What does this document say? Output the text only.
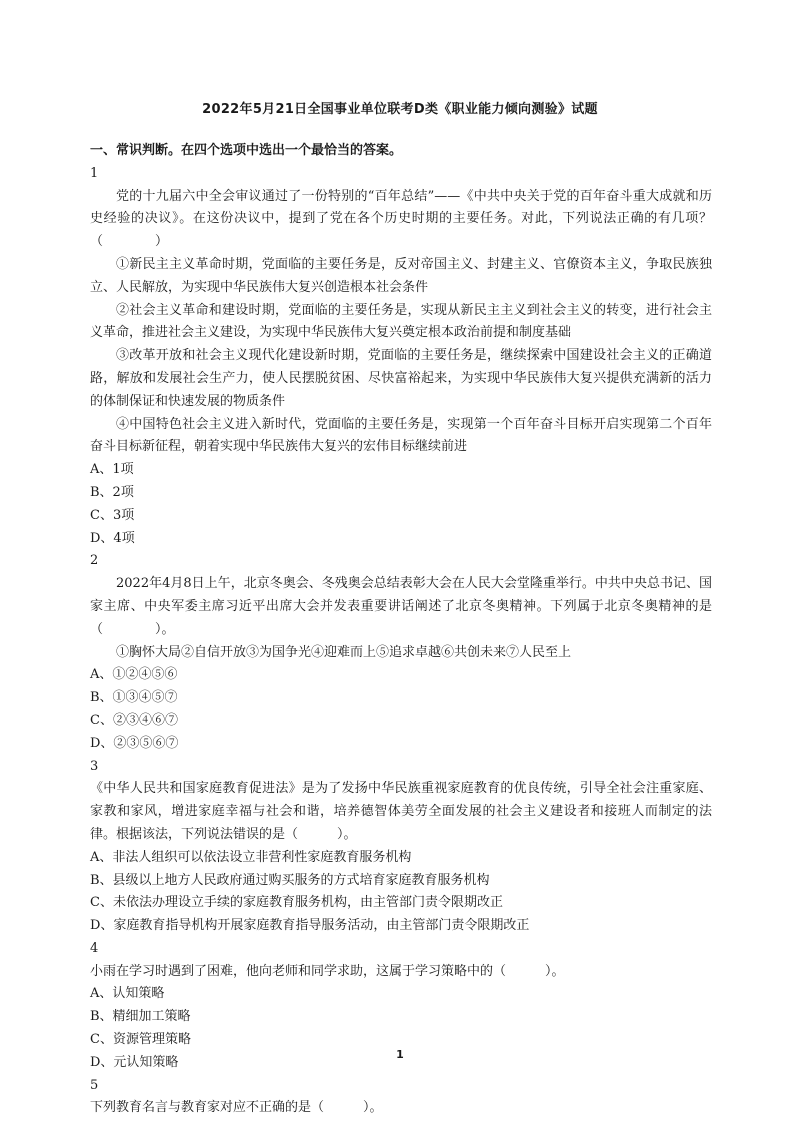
2022年5月21日全国事业单位联考D类《职业能力倾向测验》试题

一、常识判断。在四个选项中选出一个最恰当的答案。

1

党的十九届六中全会审议通过了一份特别的“百年总结”——《中共中央关于党的百年奋斗重大成就和历史经验的决议》。在这份决议中，提到了党在各个历史时期的主要任务。对此，下列说法正确的有几项？（　　　　）

①新民主主义革命时期，党面临的主要任务是，反对帝国主义、封建主义、官僚资本主义，争取民族独立、人民解放，为实现中华民族伟大复兴创造根本社会条件

②社会主义革命和建设时期，党面临的主要任务是，实现从新民主主义到社会主义的转变，进行社会主义革命，推进社会主义建设，为实现中华民族伟大复兴奠定根本政治前提和制度基础

③改革开放和社会主义现代化建设新时期，党面临的主要任务是，继续探索中国建设社会主义的正确道路，解放和发展社会生产力，使人民摆脱贫困、尽快富裕起来，为实现中华民族伟大复兴提供充满新的活力的体制保证和快速发展的物质条件

④中国特色社会主义进入新时代，党面临的主要任务是，实现第一个百年奋斗目标开启实现第二个百年奋斗目标新征程，朝着实现中华民族伟大复兴的宏伟目标继续前进

A、1项

B、2项

C、3项

D、4项

2

2022年4月8日上午，北京冬奥会、冬残奥会总结表彰大会在人民大会堂隆重举行。中共中央总书记、国家主席、中央军委主席习近平出席大会并发表重要讲话阐述了北京冬奥精神。下列属于北京冬奥精神的是（　　　　）。

①胸怀大局②自信开放③为国争光④迎难而上⑤追求卓越⑥共创未来⑦人民至上

A、①②④⑤⑥

B、①③④⑤⑦

C、②③④⑥⑦

D、②③⑤⑥⑦

3

《中华人民共和国家庭教育促进法》是为了发扬中华民族重视家庭教育的优良传统，引导全社会注重家庭、家教和家风，增进家庭幸福与社会和谐，培养德智体美劳全面发展的社会主义建设者和接班人而制定的法律。根据该法，下列说法错误的是（　　　）。

A、非法人组织可以依法设立非营利性家庭教育服务机构

B、县级以上地方人民政府通过购买服务的方式培育家庭教育服务机构

C、未依法办理设立手续的家庭教育服务机构，由主管部门责令限期改正

D、家庭教育指导机构开展家庭教育指导服务活动，由主管部门责令限期改正

4

小雨在学习时遇到了困难，他向老师和同学求助，这属于学习策略中的（　　　）。

A、认知策略

B、精细加工策略

C、资源管理策略

D、元认知策略

5

下列教育名言与教育家对应不正确的是（　　　）。

1
